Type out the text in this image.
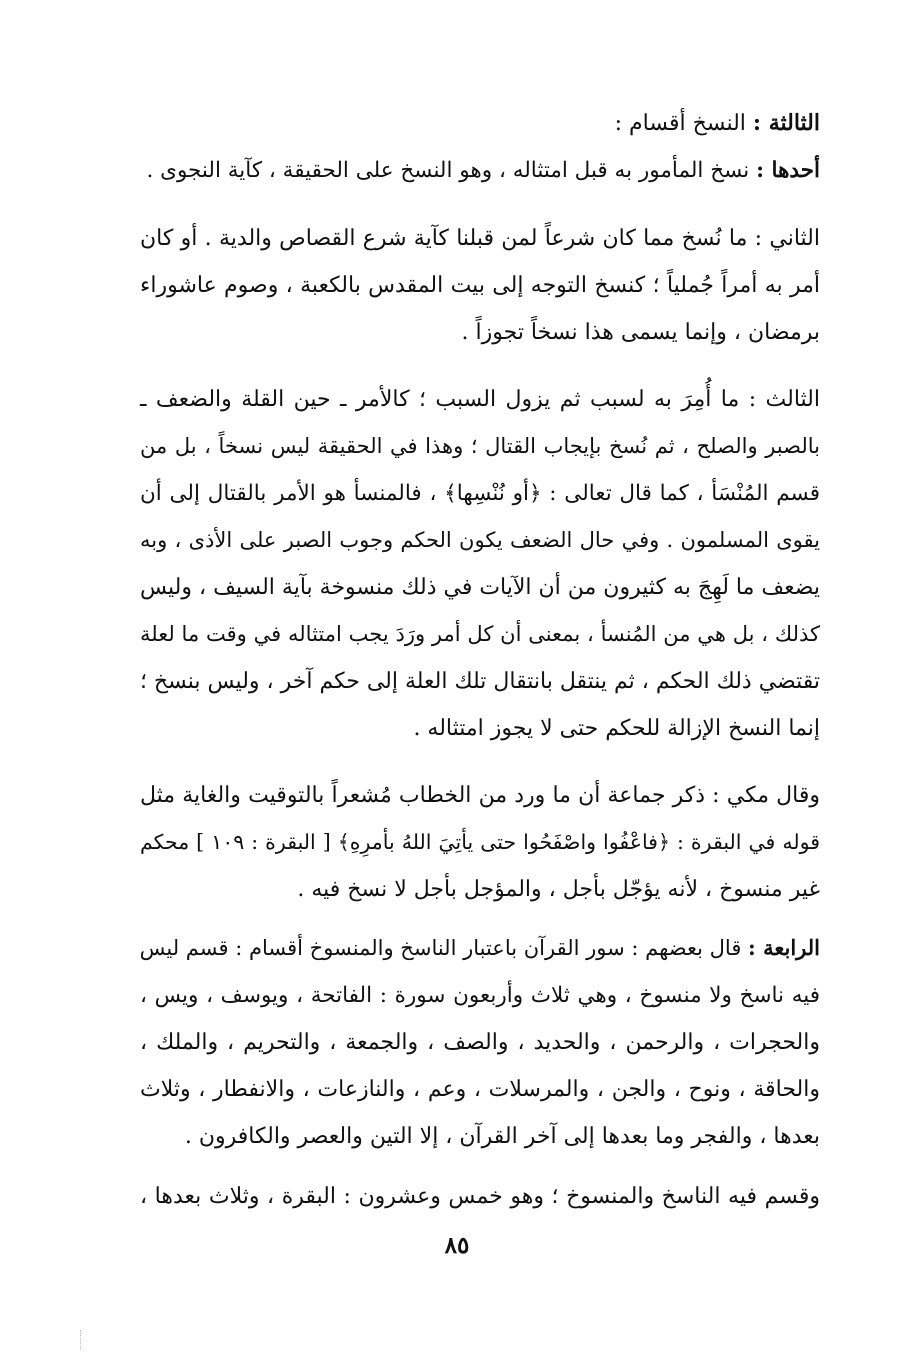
الثالثة : النسخ أقسام :
أحدها : نسخ المأمور به قبل امتثاله ، وهو النسخ على الحقيقة ، كآية النجوى .
الثاني : ما نُسخ مما كان شرعاً لمن قبلنا كآية شرع القصاص والدية . أو كان
أمر به أمراً جُملياً ؛ كنسخ التوجه إلى بيت المقدس بالكعبة ، وصوم عاشوراء
برمضان ، وإنما يسمى هذا نسخاً تجوزاً .
الثالث : ما أُمِرَ به لسبب ثم يزول السبب ؛ كالأمر ـ حين القلة والضعف ـ
بالصبر والصلح ، ثم نُسخ بإيجاب القتال ؛ وهذا في الحقيقة ليس نسخاً ، بل من
قسم المُنْسَأ ، كما قال تعالى : ﴿أو نُنْسِها﴾ ، فالمنسأ هو الأمر بالقتال إلى أن
يقوى المسلمون . وفي حال الضعف يكون الحكم وجوب الصبر على الأذى ، وبه
يضعف ما لَهِجَ به كثيرون من أن الآيات في ذلك منسوخة بآية السيف ، وليس
كذلك ، بل هي من المُنسأ ، بمعنى أن كل أمر ورَدَ يجب امتثاله في وقت ما لعلة
تقتضي ذلك الحكم ، ثم ينتقل بانتقال تلك العلة إلى حكم آخر ، وليس بنسخ ؛
إنما النسخ الإزالة للحكم حتى لا يجوز امتثاله .
وقال مكي : ذكر جماعة أن ما ورد من الخطاب مُشعراً بالتوقيت والغاية مثل
قوله في البقرة : ﴿فاعْفُوا واصْفَحُوا حتى يأتِيَ اللهُ بأمرِهِ﴾ [ البقرة : ١٠٩ ] محكم
غير منسوخ ، لأنه يؤجّل بأجل ، والمؤجل بأجل لا نسخ فيه .
الرابعة : قال بعضهم : سور القرآن باعتبار الناسخ والمنسوخ أقسام : قسم ليس
فيه ناسخ ولا منسوخ ، وهي ثلاث وأربعون سورة : الفاتحة ، ويوسف ، ويس ،
والحجرات ، والرحمن ، والحديد ، والصف ، والجمعة ، والتحريم ، والملك ،
والحاقة ، ونوح ، والجن ، والمرسلات ، وعم ، والنازعات ، والانفطار ، وثلاث
بعدها ، والفجر وما بعدها إلى آخر القرآن ، إلا التين والعصر والكافرون .
وقسم فيه الناسخ والمنسوخ ؛ وهو خمس وعشرون : البقرة ، وثلاث بعدها ،
٨٥
